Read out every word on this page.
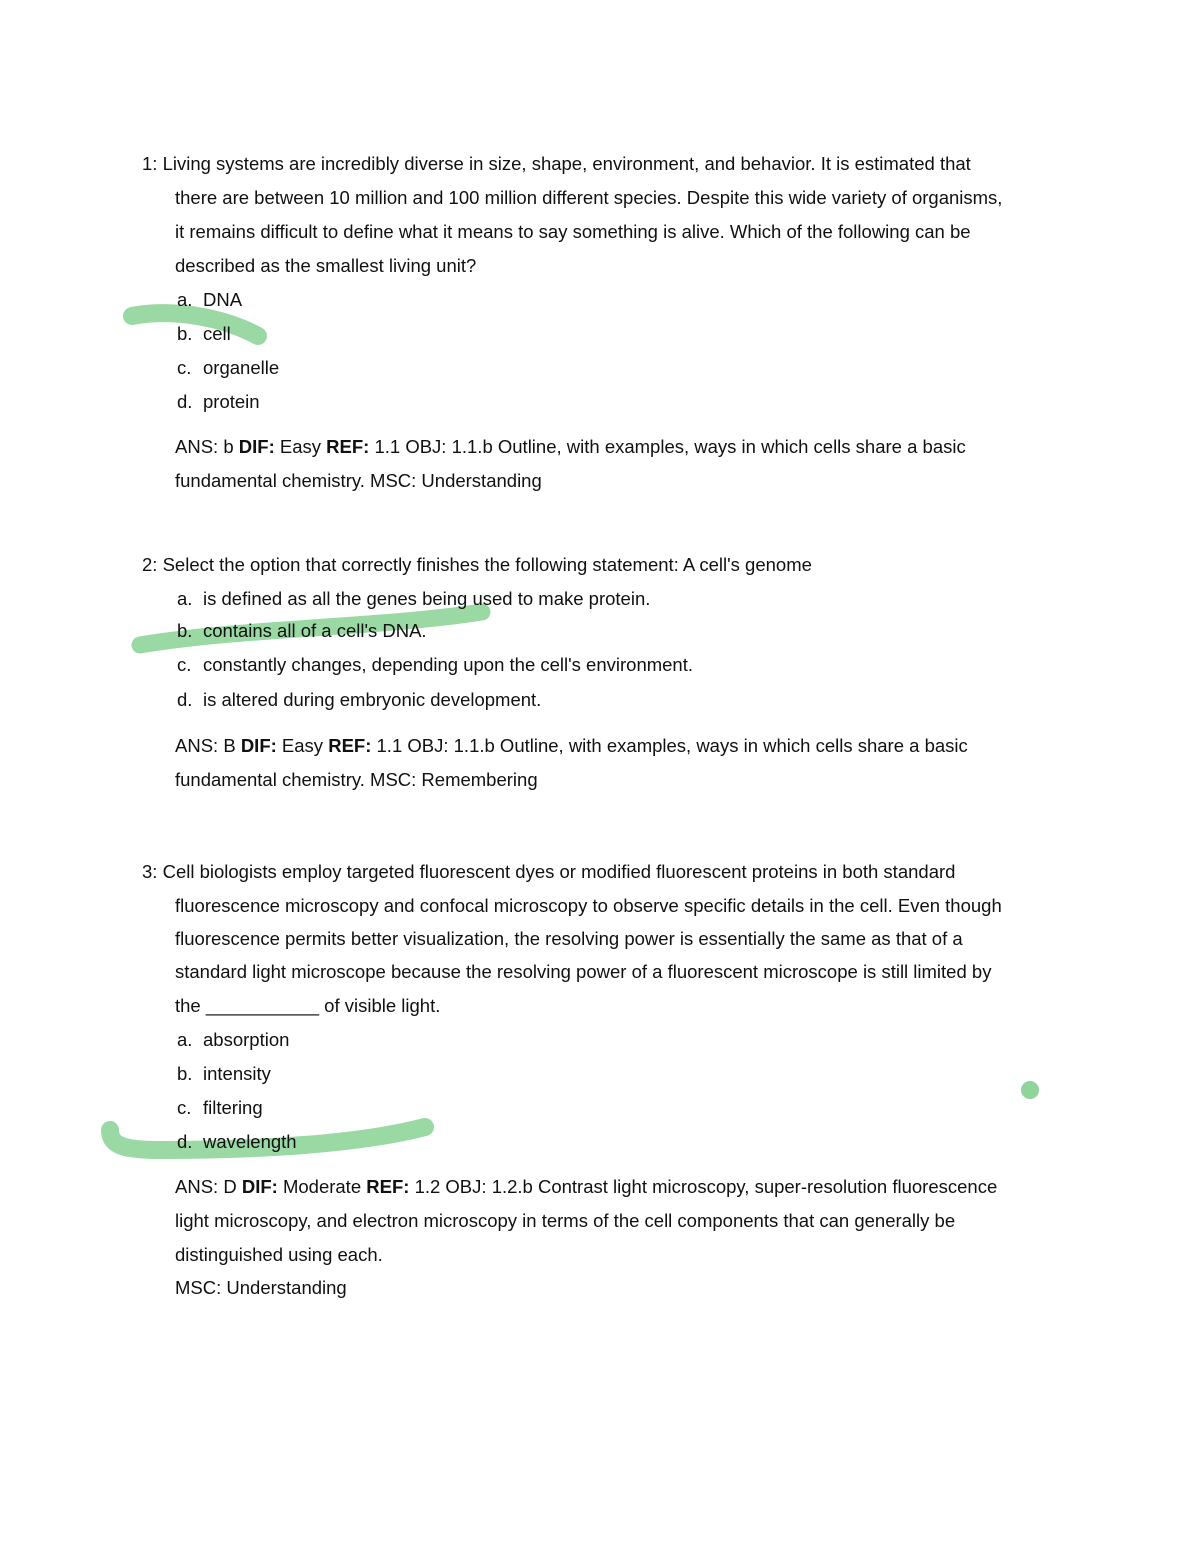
1: Living systems are incredibly diverse in size, shape, environment, and behavior. It is estimated that
there are between 10 million and 100 million different species. Despite this wide variety of organisms,
it remains difficult to define what it means to say something is alive. Which of the following can be
described as the smallest living unit?
a. DNA
b. cell
c. organelle
d. protein
ANS: b DIF: Easy REF: 1.1 OBJ: 1.1.b Outline, with examples, ways in which cells share a basic
fundamental chemistry. MSC: Understanding
2: Select the option that correctly finishes the following statement: A cell's genome
a. is defined as all the genes being used to make protein.
b. contains all of a cell's DNA.
c. constantly changes, depending upon the cell's environment.
d. is altered during embryonic development.
ANS: B DIF: Easy REF: 1.1 OBJ: 1.1.b Outline, with examples, ways in which cells share a basic
fundamental chemistry. MSC: Remembering
3: Cell biologists employ targeted fluorescent dyes or modified fluorescent proteins in both standard
fluorescence microscopy and confocal microscopy to observe specific details in the cell. Even though
fluorescence permits better visualization, the resolving power is essentially the same as that of a
standard light microscope because the resolving power of a fluorescent microscope is still limited by
the ___________ of visible light.
a. absorption
b. intensity
c. filtering
d. wavelength
ANS: D DIF: Moderate REF: 1.2 OBJ: 1.2.b Contrast light microscopy, super-resolution fluorescence
light microscopy, and electron microscopy in terms of the cell components that can generally be
distinguished using each.
MSC: Understanding
